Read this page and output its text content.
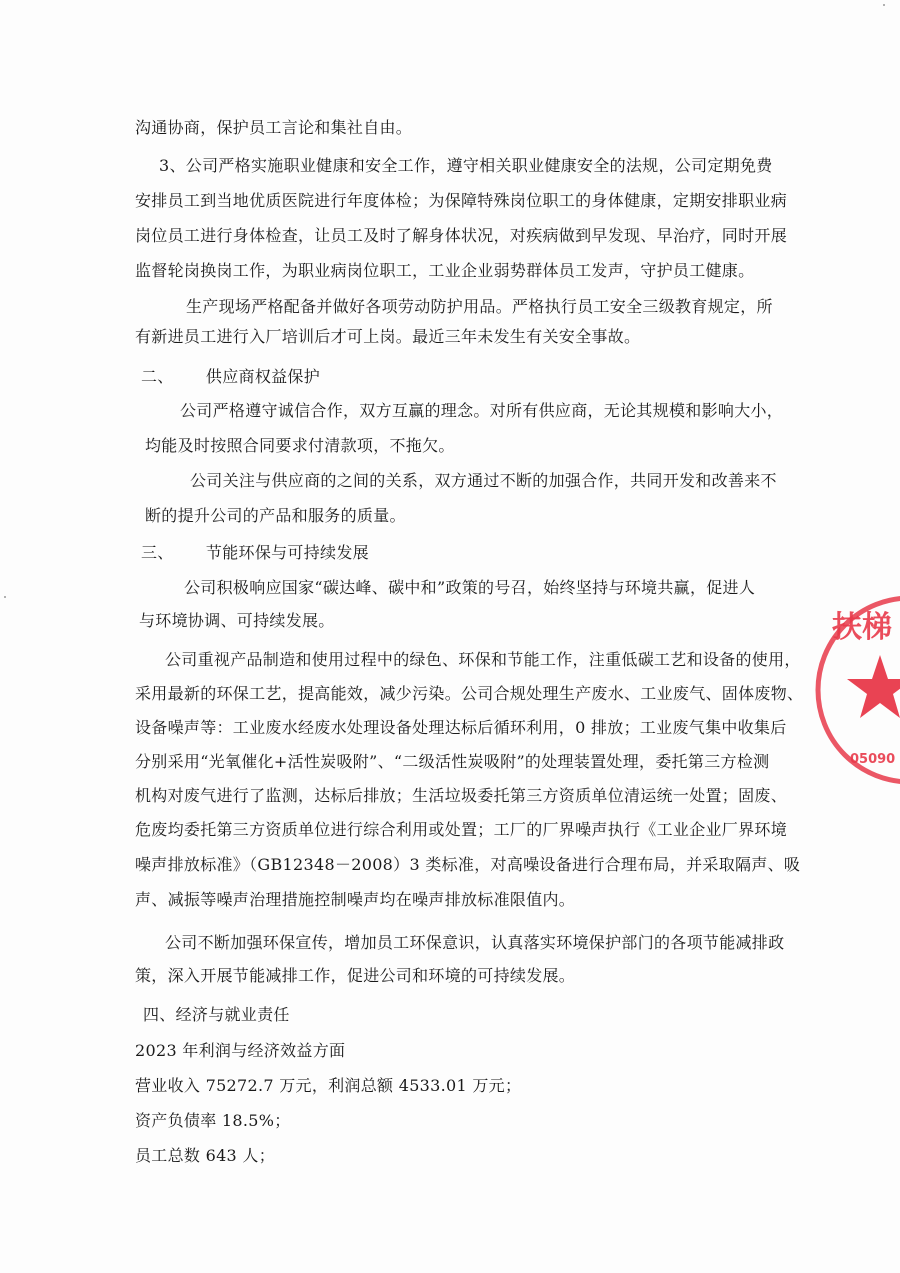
沟通协商，保护员工言论和集社自由。
3、公司严格实施职业健康和安全工作，遵守相关职业健康安全的法规，公司定期免费
安排员工到当地优质医院进行年度体检；为保障特殊岗位职工的身体健康，定期安排职业病
岗位员工进行身体检查，让员工及时了解身体状况，对疾病做到早发现、早治疗，同时开展
监督轮岗换岗工作，为职业病岗位职工，工业企业弱势群体员工发声，守护员工健康。
生产现场严格配备并做好各项劳动防护用品。严格执行员工安全三级教育规定，所
有新进员工进行入厂培训后才可上岗。最近三年未发生有关安全事故。
二、      供应商权益保护
公司严格遵守诚信合作，双方互赢的理念。对所有供应商，无论其规模和影响大小，
均能及时按照合同要求付清款项，不拖欠。
公司关注与供应商的之间的关系，双方通过不断的加强合作，共同开发和改善来不
断的提升公司的产品和服务的质量。
三、      节能环保与可持续发展
公司积极响应国家“碳达峰、碳中和”政策的号召，始终坚持与环境共赢，促进人
与环境协调、可持续发展。
公司重视产品制造和使用过程中的绿色、环保和节能工作，注重低碳工艺和设备的使用，
采用最新的环保工艺，提高能效，减少污染。公司合规处理生产废水、工业废气、固体废物、
设备噪声等：工业废水经废水处理设备处理达标后循环利用，0 排放；工业废气集中收集后
分别采用“光氧催化+活性炭吸附”、“二级活性炭吸附”的处理装置处理，委托第三方检测
机构对废气进行了监测，达标后排放；生活垃圾委托第三方资质单位清运统一处置；固废、
危废均委托第三方资质单位进行综合利用或处置；工厂的厂界噪声执行《工业企业厂界环境
噪声排放标准》（GB12348－2008）3 类标准，对高噪设备进行合理布局，并采取隔声、吸
声、减振等噪声治理措施控制噪声均在噪声排放标准限值内。
公司不断加强环保宣传，增加员工环保意识，认真落实环境保护部门的各项节能减排政
策，深入开展节能减排工作，促进公司和环境的可持续发展。
四、经济与就业责任
2023 年利润与经济效益方面
营业收入 75272.7 万元，利润总额 4533.01 万元；
资产负债率 18.5%；
员工总数 643 人；
扶梯
05090
